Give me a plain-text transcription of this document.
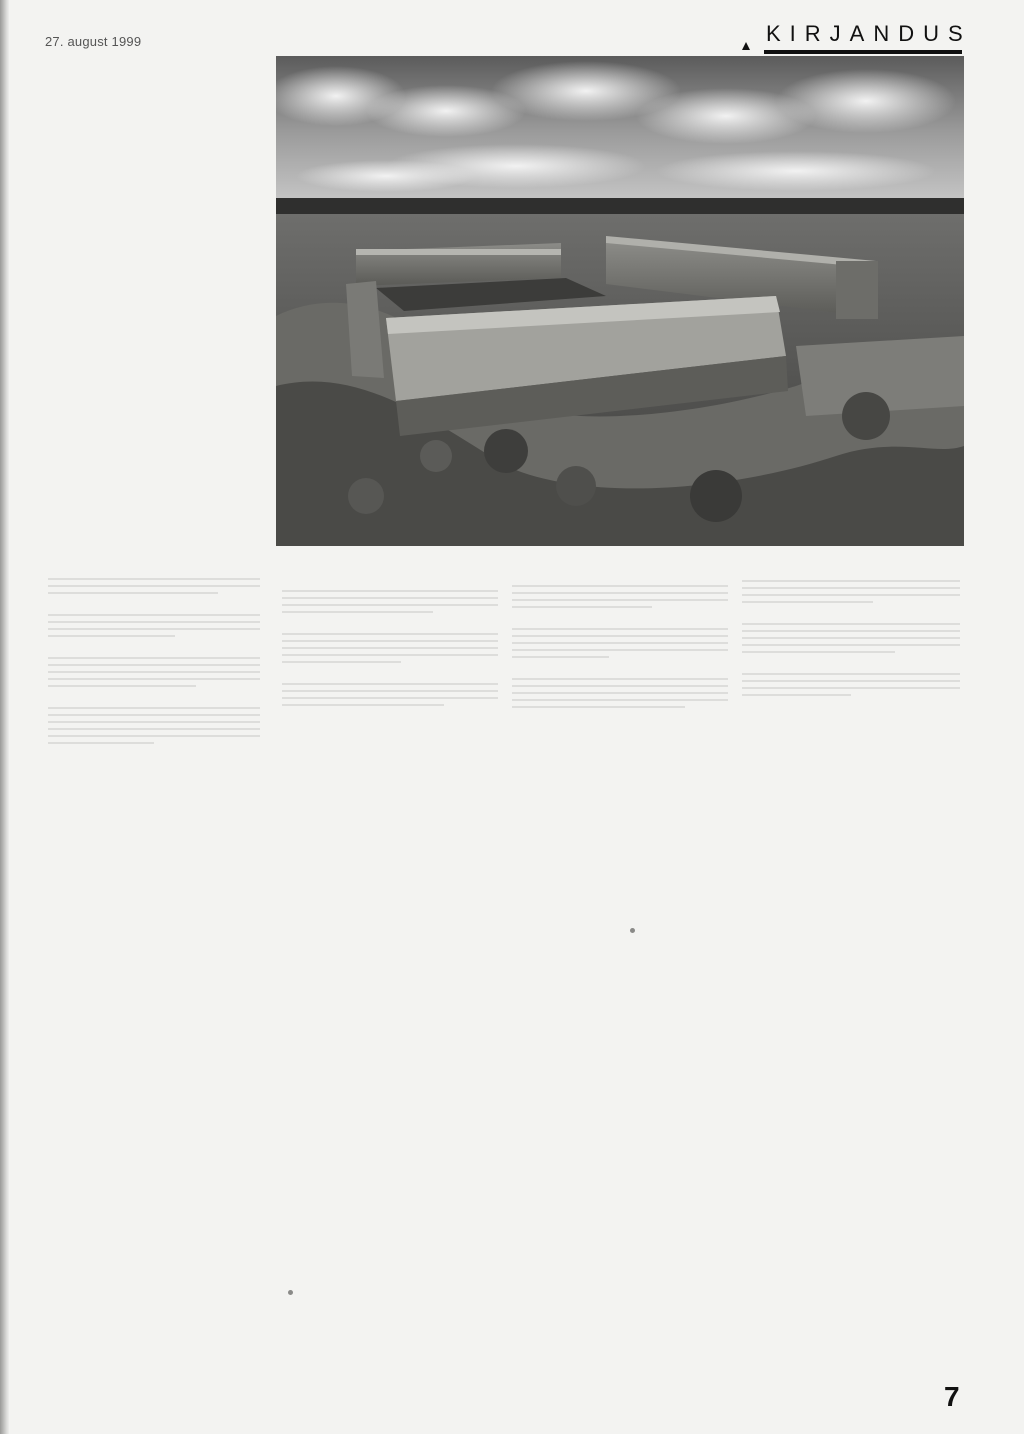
27. august 1999	KIRJANDUS
7
